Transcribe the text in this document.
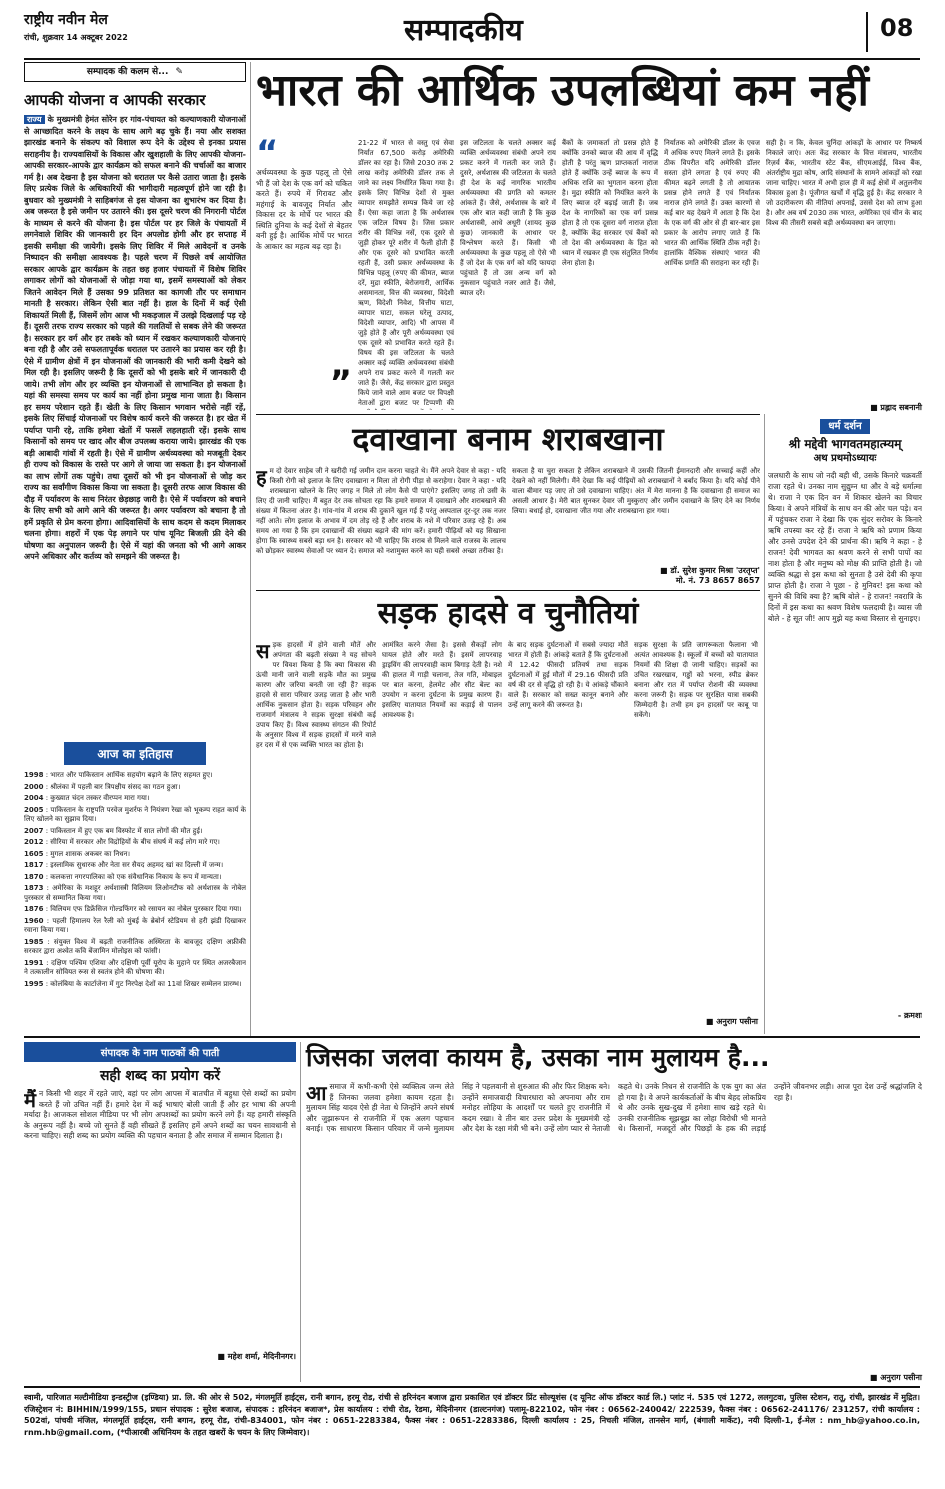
राष्ट्रीय नवीन मेल
रांची, शुक्रवार 14 अक्टूबर 2022	सम्पादकीय	08
सम्पादक की कलम से... ✎
आपकी योजना व आपकी सरकार
राज्य के मुख्यमंत्री हेमंत सोरेन हर गांव-पंचायत को कल्याणकारी योजनाओं से आच्छादित करने के लक्ष्य के साथ आगे बढ़ चुके हैं। नया और सशक्त झारखंड बनाने के संकल्प को विशाल रूप देने के उद्देश्य से इनका प्रयास सराहनीय है। राज्यवासियों के विकास और खुशहाली के लिए आपकी योजना- आपकी सरकार-आपके द्वार कार्यक्रम को सफल बनाने की चर्चाओं का बाजार गर्म है। अब देखना है इस योजना को धरातल पर कैसे उतारा जाता है। इसके लिए प्रत्येक जिले के अधिकारियों की भागीदारी महत्वपूर्ण होने जा रही है। बुधवार को मुख्यमंत्री ने साहिबगंज से इस योजना का शुभारंभ कर दिया है। अब जरूरत है इसे जमीन पर उतारने की। इस दूसरे चरण की निगरानी पोर्टल के माध्यम से करने की योजना है। इस पोर्टल पर हर जिले के पंचायतों में लगनेवाले शिविर की जानकारी हर दिन अपलोड होगी और हर सप्ताह में इसकी समीक्षा की जायेगी। इसके लिए शिविर में मिले आवेदनों व उनके निष्पादन की समीक्षा आवश्यक है। पहले चरण में पिछले वर्ष आयोजित सरकार आपके द्वार कार्यक्रम के तहत छह हजार पंचायतों में विशेष शिविर लगाकर लोगों को योजनाओं से जोड़ा गया था, इसमें समस्याओं को लेकर जितने आवेदन मिले हैं उसका 99 प्रतिशत का कागजी तौर पर समाधान मानती है सरकार। लेकिन ऐसी बात नहीं है। हाल के दिनों में कई ऐसी शिकायतें मिली हैं, जिसमें लोग आज भी मकड़जाल में उलझे दिखलाई पड़ रहे हैं। दूसरी तरफ राज्य सरकार को पहले की गलतियों से सबक लेने की जरूरत है। सरकार हर वर्ग और हर तबके को ध्यान में रखकर कल्याणकारी योजनाएं बना रही है और उसे सफलतापूर्वक धरातल पर उतारने का प्रयास कर रही है। ऐसे में ग्रामीण क्षेत्रों में इन योजनाओं की जानकारी की भारी कमी देखने को मिल रही है। इसलिए जरूरी है कि दूसरों को भी इसके बारे में जानकारी दी जाये। तभी लोग और हर व्यक्ति इन योजनाओं से लाभान्वित हो सकता है। यहां की समस्या समय पर कार्य का नहीं होना प्रमुख माना जाता है। किसान हर समय परेशान रहते हैं। खेती के लिए किसान भगवान भरोसे नहीं रहें, इसके लिए सिंचाई योजनाओं पर विशेष कार्य करने की जरूरत है। हर खेत में पर्याप्त पानी रहे, ताकि हमेशा खेतों में फसलें लहलहाती रहें। इसके साथ किसानों को समय पर खाद और बीज उपलब्ध कराया जाये। झारखंड की एक बड़ी आबादी गांवों में रहती है। ऐसे में ग्रामीण अर्थव्यवस्था को मजबूती देकर ही राज्य को विकास के रास्ते पर आगे ले जाया जा सकता है। इन योजनाओं का लाभ लोगों तक पहुंचे। तथा दूसरों को भी इन योजनाओं से जोड़ कर राज्य का सर्वांगीण विकास किया जा सकता है। दूसरी तरफ आज विकास की दौड़ में पर्यावरण के साथ निरंतर छेड़छाड़ जारी है। ऐसे में पर्यावरण को बचाने के लिए सभी को आगे आने की जरूरत है। अगर पर्यावरण को बचाना है तो हमें प्रकृति से प्रेम करना होगा। आदिवासियों के साथ कदम से कदम मिलाकर चलना होगा। शहरों में एक पेड़ लगाने पर पांच यूनिट बिजली फ्री देने की घोषणा का अनुपालन जरूरी है। ऐसे में यहां की जनता को भी आगे आकर अपने अधिकार और कर्तव्य को समझने की जरूरत है।
आज का इतिहास
1998 : भारत और पाकिस्तान आर्थिक सहयोग बढ़ाने के लिए सहमत हुए।
2000 : श्रीलंका में पहली बार त्रिपक्षीय संसद का गठन हुआ।
2004 : कुख्यात चंदन तस्कर वीरप्पन मारा गया।
2005 : पाकिस्तान के राष्ट्रपति परवेज मुशर्रफ ने नियंत्रण रेखा को भूकम्प राहत कार्य के लिए खोलने का सुझाव दिया।
2007 : पाकिस्तान में हुए एक बम विस्फोट में सात लोगों की मौत हुई।
2012 : सीरिया में सरकार और विद्रोहियों के बीच संघर्ष में कई लोग मारे गए।
1605 : मुगल शासक अकबर का निधन।
1817 : इस्लामिक सुधारक और नेता सर सैयद अहमद खां का दिल्ली में जन्म।
1870 : कलकत्ता नगरपालिका को एक संवैधानिक निकाय के रूप में मान्यता।
1873 : अमेरिका के मशहूर अर्थशास्त्री विलियम लिओनटीफ को अर्थशास्त्र के नोबेल पुरस्कार से सम्मानित किया गया।
1876 : विलियम एफ डिफ्रेंसिज गोल्डफिंगर को रसायन का नोबेल पुरस्कार दिया गया।
1960 : पहली हिमालय रेल रैली को मुंबई के ब्रेबोर्न स्टेडियम से हरी झंडी दिखाकर रवाना किया गया।
1985 : संयुक्त विश्व में बढ़ती राजनीतिक अस्थिरता के बावजूद दक्षिण अफ्रीकी सरकार द्वारा अश्वेत कवि बेंजामिन मोलोइस को फांसी।
1991 : दक्षिण पश्चिम एशिया और दक्षिणी पूर्वी यूरोप के मुहाने पर स्थित अजरबैजान ने तत्कालीन सोवियत रूस से स्वतंत्र होने की घोषणा की।
1995 : कोलंबिया के कार्टाजेना में गुट निरपेक्ष देशों का 11वां शिखर सम्मेलन प्रारम्भ।
भारत की आर्थिक उपलब्धियां कम नहीं
“
अर्थव्यवस्था के कुछ पहलू तो ऐसे भी हैं जो देश के एक वर्ग को चकित करते हैं। रुपये में गिरावट और महंगाई के बावजूद निर्यात और विकास दर के मोर्चे पर भारत की स्थिति दुनिया के कई देशों से बेहतर बनी हुई है। आर्थिक मोर्चे पर भारत के आकार का महत्व बढ़ रहा है।
”
21-22 में भारत से वस्तु एवं सेवा निर्यात 67,500 करोड़ अमेरिकी डॉलर का रहा है। जिसे 2030 तक 2 लाख करोड़ अमेरिकी डॉलर तक ले जाने का लक्ष्य निर्धारित किया गया है। इसके लिए विभिन्न देशों से मुक्त व्यापार समझौते सम्पन्न किये जा रहे हैं। ऐसा कहा जाता है कि अर्थशास्त्र एक जटिल विषय है। जिस प्रकार शरीर की विभिन्न नसें, एक दूसरे से जुड़ी होकर पूरे शरीर में फैली होती हैं और एक दूसरे को प्रभावित करती रहती हैं, उसी प्रकार अर्थव्यवस्था के विभिन्न पहलू (रुपए की कीमत, ब्याज दरें, मुद्रा स्फीति, बेरोजगारी, आर्थिक असमानता, वित्त की व्यवस्था, विदेशी ऋण, विदेशी निवेश, वित्तीय घाटा, व्यापार घाटा, सकल घरेलू उत्पाद, विदेशी व्यापार, आदि) भी आपस में जुड़े होते हैं और पूरी अर्थव्यवस्था एवं एक दूसरे को प्रभावित करते रहते हैं। विषय की इस जटिलता के चलते अक्सर कई व्यक्ति अर्थव्यवस्था संबंधी अपने राय प्रकट करने में गलती कर जाते हैं। जैसे, केंद्र सरकार द्वारा प्रस्तुत किये जाने वाले आम बजट पर विपक्षी नेताओं द्वारा बजट पर टिप्पणी की
इस जटिलता के चलते अक्सर कई व्यक्ति अर्थव्यवस्था संबंधी अपने राय प्रकट करने में गलती कर जाते हैं। दुसरे, अर्थशास्त्र की जटिलता के चलते ही देश के कई नागरिक भारतीय अर्थव्यवस्था की प्रगति को कमतर आंकते हैं। जैसे, अर्थशास्त्र के बारे में एक और बात कही जाती है कि कुछ अर्थशास्त्री, आधे अधूरी (शायद कुछ कुछ) जानकारी के आधार पर विश्लेषण करते हैं। किसी भी अर्थव्यवस्था के कुछ पहलू तो ऐसे भी हैं जो देश के एक वर्ग को यदि फायदा पहुंचाते हैं तो उस अन्य वर्ग को नुकसान पहुंचाते नजर आते हैं। जैसे, ब्याज दरें।
बैंकों के जमाकर्ता तो प्रसन्न होते हैं क्योंकि उनको ब्याज की आय में वृद्धि होती है परंतु ऋण प्राप्तकर्ता नाराज होते हैं क्योंकि उन्हें ब्याज के रूप में अधिक राशि का भुगतान करना होता है। मुद्रा स्फीति को नियंत्रित करने के लिए ब्याज दरें बढ़ाई जाती हैं। जब देश के नागरिकों का एक वर्ग प्रसन्न होता है तो एक दूसरा वर्ग नाराज होता है, क्योंकि केंद्र सरकार एवं बैंकों को तो देश की अर्थव्यवस्था के हित को ध्यान में रखकर ही एक संतुलित निर्णय लेना होता है।
निर्यातक को अमेरिकी डॉलर के एवज में अधिक रुपए मिलने लगते हैं। इसके ठीक विपरीत यदि अमेरिकी डॉलर सस्ता होने लगता है एवं रुपए की कीमत बढ़ने लगती है तो आयातक प्रसन्न होने लगते हैं एवं निर्यातक नाराज होने लगते हैं। उक्त कारणों से कई बार यह देखने में आता है कि देश के एक वर्ग की ओर से ही बार-बार इस प्रकार के आरोप लगाए जाते हैं कि भारत की आर्थिक स्थिति ठीक नहीं है। हालांकि वैश्विक संस्थाएं भारत की आर्थिक प्रगति की सराहना कर रही हैं।
सही है। न कि, केवल चुनिंदा आंकड़ों के आधार पर निष्कर्ष निकाले जाएं। अतः केंद्र सरकार के वित्त मंत्रालय, भारतीय रिज़र्व बैंक, भारतीय स्टेट बैंक, सीएमआईई, विश्व बैंक, अंतर्राष्ट्रीय मुद्रा कोष, आदि संस्थानों के सामने आंकड़ों को रखा जाना चाहिए। भारत में अभी हाल ही में कई क्षेत्रों में अतुलनीय विकास हुआ है। पूंजीगत खर्चों में वृद्धि हुई है। केंद्र सरकार ने जो उदारीकरण की नीतियां अपनाईं, उससे देश को लाभ हुआ है। और अब वर्ष 2030 तक भारत, अमेरिका एवं चीन के बाद विश्व की तीसरी सबसे बड़ी अर्थव्यवस्था बन जाएगा।
■ प्रह्लाद सबनानी
दवाखाना बनाम शराबखाना
हम दो देवार साहेब जी ने खरीदी गई जमीन दान करना चाहते थे। मैंने अपने देवार से कहा - यदि किसी रोगी को इलाज के लिए दवाखाना न मिला तो रोगी पीड़ा से कराहेगा। देवार ने कहा - यदि शराबखाना खोलने के लिए जगह न मिले तो लोग कैसे पी पाएंगे? इसलिए जगह तो उसी के लिए दी जानी चाहिए। मैं बहुत देर तक सोचता रहा कि हमारे समाज में दवाखाने और शराबखाने की संख्या में कितना अंतर है। गांव-गांव में शराब की दुकानें खुल गई हैं परंतु अस्पताल दूर-दूर तक नजर नहीं आते। लोग इलाज के अभाव में दम तोड़ रहे हैं और शराब के नशे में परिवार उजड़ रहे हैं। अब समय आ गया है कि हम दवाखानों की संख्या बढ़ाने की मांग करें। हमारी पीढ़ियों को यह सिखाना होगा कि स्वास्थ्य सबसे बड़ा धन है। सरकार को भी चाहिए कि शराब से मिलने वाले राजस्व के लालच को छोड़कर स्वास्थ्य सेवाओं पर ध्यान दे। समाज को नशामुक्त करने का यही सबसे अच्छा तरीका है।
सकता है या चुरा सकता है लेकिन शराबखाने में उसकी जितनी ईमानदारी और सच्चाई कहीं और देखने को नहीं मिलेगी। मैंने देखा कि कई पीढ़ियों को शराबखानों ने बर्बाद किया है। यदि कोई पीने वाला बीमार पड़ जाए तो उसे दवाखाना चाहिए। अंत में मेरा मानना है कि दवाखाना ही समाज का असली आधार है। मेरी बात सुनकर देवार जी मुस्कुराए और जमीन दवाखाने के लिए देने का निर्णय लिया। बधाई हो, दवाखाना जीत गया और शराबखाना हार गया।
■ डॉ. सुरेश कुमार मिश्रा 'उरतृप्त'
मो. नं. 73 8657 8657
सड़क हादसे व चुनौतियां
सड़क हादसों में होने वाली मौतें और अपंगता की बढ़ती संख्या ने यह सोचने पर विवश किया है कि क्या विकास की ऊंची मानी जाने वाली सड़कें मौत का प्रमुख कारण और जरिया बनती जा रही हैं? सड़क हादसे से सारा परिवार उजड़ जाता है और भारी आर्थिक नुकसान होता है। सड़क परिवहन और राजमार्ग मंत्रालय ने सड़क सुरक्षा संबंधी कई उपाय किए हैं। विश्व स्वास्थ्य संगठन की रिपोर्ट के अनुसार विश्व में सड़क हादसों में मरने वाले हर दस में से एक व्यक्ति भारत का होता है।
आमंत्रित करने जैसा है। इससे सैकड़ों लोग घायल होते और मरते हैं। इसमें लापरवाह ड्राइविंग की लापरवाही काम बिगाड़ देती है। नशे की हालत में गाड़ी चलाना, तेज गति, मोबाइल पर बात करना, हेलमेट और सीट बेल्ट का उपयोग न करना दुर्घटना के प्रमुख कारण हैं। इसलिए यातायात नियमों का कड़ाई से पालन आवश्यक है।
के बाद सड़क दुर्घटनाओं में सबसे ज्यादा मौतें भारत में होती हैं। आंकड़े बताते हैं कि दुर्घटनाओं में 12.42 फीसदी प्रतिवर्ष तथा सड़क दुर्घटनाओं में हुई मौतों में 29.16 फीसदी प्रति वर्ष की दर से वृद्धि हो रही है। ये आंकड़े चौंकाने वाले हैं। सरकार को सख्त कानून बनाने और उन्हें लागू करने की जरूरत है।
सड़क सुरक्षा के प्रति जागरूकता फैलाना भी अत्यंत आवश्यक है। स्कूलों में बच्चों को यातायात नियमों की शिक्षा दी जानी चाहिए। सड़कों का उचित रखरखाव, गड्ढों को भरना, स्पीड ब्रेकर बनाना और रात में पर्याप्त रोशनी की व्यवस्था करना जरूरी है। सड़क पर सुरक्षित यात्रा सबकी जिम्मेदारी है। तभी हम इन हादसों पर काबू पा सकेंगे।
■ अनुराग पसीना
धर्म दर्शन
श्री मद्देवी भागवतमहात्म्यम्
अथ प्रथमोऽध्यायः
जलधारी के साथ जो नदी बही थी, उसके किनारे चक्रवर्ती राजा रहते थे। उनका नाम सुद्युम्न था और वे बड़े धर्मात्मा थे। राजा ने एक दिन वन में शिकार खेलने का विचार किया। वे अपने मंत्रियों के साथ वन की ओर चल पड़े। वन में पहुंचकर राजा ने देखा कि एक सुंदर सरोवर के किनारे ऋषि तपस्या कर रहे हैं। राजा ने ऋषि को प्रणाम किया और उनसे उपदेश देने की प्रार्थना की। ऋषि ने कहा - हे राजन! देवी भागवत का श्रवण करने से सभी पापों का नाश होता है और मनुष्य को मोक्ष की प्राप्ति होती है। जो व्यक्ति श्रद्धा से इस कथा को सुनता है उसे देवी की कृपा प्राप्त होती है। राजा ने पूछा - हे मुनिवर! इस कथा को सुनने की विधि क्या है? ऋषि बोले - हे राजन! नवरात्रि के दिनों में इस कथा का श्रवण विशेष फलदायी है। व्यास जी बोले - हे सूत जी! आप मुझे यह कथा विस्तार से सुनाइए।
- क्रमशः
संपादक के नाम पाठकों की पाती
सही शब्द का प्रयोग करें
मैंन किसी भी शहर में रहते जाएं, वहां पर लोग आपस में बातचीत में बहुधा ऐसे शब्दों का प्रयोग करते हैं जो उचित नहीं हैं। हमारे देश में कई भाषाएं बोली जाती हैं और हर भाषा की अपनी मर्यादा है। आजकल सोशल मीडिया पर भी लोग अपशब्दों का प्रयोग करने लगे हैं। यह हमारी संस्कृति के अनुरूप नहीं है। बच्चे जो सुनते हैं वही सीखते हैं इसलिए हमें अपने शब्दों का चयन सावधानी से करना चाहिए। सही शब्द का प्रयोग व्यक्ति की पहचान बनाता है और समाज में सम्मान दिलाता है।
■ महेश शर्मा, मेदिनीनगर।
जिसका जलवा कायम है, उसका नाम मुलायम है...
आसमाज में कभी-कभी ऐसे व्यक्तित्व जन्म लेते हैं जिनका जलवा हमेशा कायम रहता है। मुलायम सिंह यादव ऐसे ही नेता थे जिन्होंने अपने संघर्ष और जुझारूपन से राजनीति में एक अलग पहचान बनाई। एक साधारण किसान परिवार में जन्मे मुलायम सिंह ने पहलवानी से शुरुआत की और फिर शिक्षक बने। उन्होंने समाजवादी विचारधारा को अपनाया और राम मनोहर लोहिया के आदर्शों पर चलते हुए राजनीति में कदम रखा। वे तीन बार उत्तर प्रदेश के मुख्यमंत्री रहे और देश के रक्षा मंत्री भी बने। उन्हें लोग प्यार से नेताजी कहते थे। उनके निधन से राजनीति के एक युग का अंत हो गया है। वे अपने कार्यकर्ताओं के बीच बेहद लोकप्रिय थे और उनके सुख-दुख में हमेशा साथ खड़े रहते थे। उनकी राजनीतिक सूझबूझ का लोहा विरोधी भी मानते थे। किसानों, मजदूरों और पिछड़ों के हक की लड़ाई उन्होंने जीवनभर लड़ी। आज पूरा देश उन्हें श्रद्धांजलि दे रहा है।
■ अनुराग पसीना
स्वामी, पारिजात मल्टीमीडिया इन्डस्ट्रीज (इण्डिया) प्रा. लि. की ओर से 502, मंगलमूर्ति हाईट्स, रानी बगान, हरमू रोड, रांची से हरिनंदन बजाज द्वारा प्रकाशित एवं डॉक्टर प्रिंट सोल्यूशंस (द यूनिट ऑफ डॉक्टर कार्ड लि.) प्लांट नं. 535 एवं 1272, ललगुटवा, पुलिस स्टेशन, रातू, रांची, झारखंड में मुद्रित। रजिस्ट्रेशन नं: BIHHIN/1999/155, प्रधान संपादक : सुरेश बजाज, संपादक : हरिनंदन बजाज*, प्रेस कार्यालय : रांची रोड, रेडमा, मेदिनीनगर (डाल्टनगंज) पलामू-822102, फोन नंबर : 06562-240042/ 222539, फैक्स नंबर : 06562-241176/ 231257, रांची कार्यालय : 502वां, पांचवी मंजिल, मंगलमूर्ति हाईट्स, रानी बगान, हरमू रोड, रांची-834001, फोन नंबर : 0651-2283384, फैक्स नंबर : 0651-2283386, दिल्ली कार्यालय : 25, निचली मंजिल, तानसेन मार्ग, (बंगाली मार्केट), नयी दिल्ली-1, ई-मेल : nm_hb@yahoo.co.in, rnm.hb@gmail.com, (*पीआरबी अधिनियम के तहत खबरों के चयन के लिए जिम्मेवार)।
